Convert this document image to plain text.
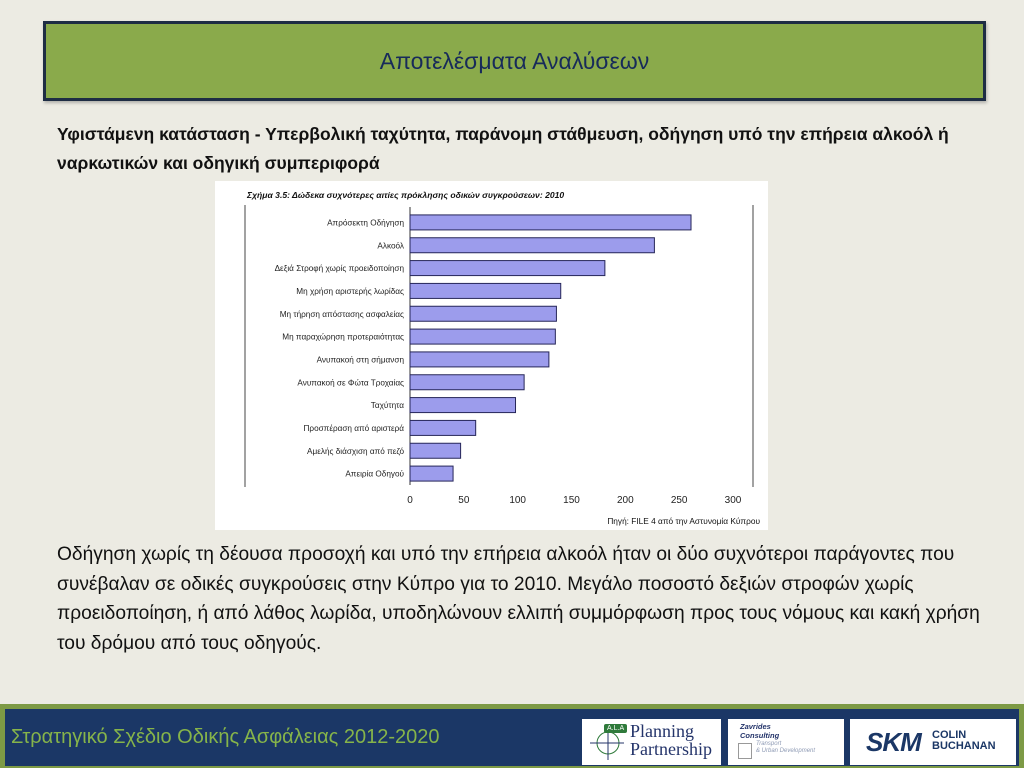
Αποτελέσματα Αναλύσεων
Υφιστάμενη κατάσταση - Υπερβολική ταχύτητα, παράνομη στάθμευση, οδήγηση υπό την επήρεια αλκοόλ ή ναρκωτικών και οδηγική συμπεριφορά
Σχήμα 3.5: Δώδεκα συχνότερες αιτίες πρόκλησης οδικών συγκρούσεων: 2010
Πηγή: FILE 4 από την Αστυνομία Κύπρου
Απρόσεκτη Οδήγηση
Αλκοόλ
Δεξιά Στροφή χωρίς προειδοποίηση
Μη χρήση αριστερής λωρίδας
Μη τήρηση απόστασης ασφαλείας
Μη παραχώρηση προτεραιότητας
Ανυπακοή στη σήμανση
Ανυπακοή σε Φώτα Τροχαίας
Ταχύτητα
Προσπέραση από αριστερά
Αμελής διάσχιση από πεζό
Απειρία Οδηγού
0	50	100	150	200	250	300
Οδήγηση χωρίς τη δέουσα προσοχή και υπό την επήρεια αλκοόλ ήταν οι δύο συχνότεροι παράγοντες που συνέβαλαν σε οδικές συγκρούσεις στην Κύπρο για το 2010. Μεγάλο ποσοστό δεξιών στροφών χωρίς προειδοποίηση, ή από λάθος λωρίδα, υποδηλώνουν ελλιπή συμμόρφωση προς τους νόμους και κακή χρήση του δρόμου από τους οδηγούς.
Στρατηγικό Σχέδιο Οδικής Ασφάλειας 2012-2020	A.L.A Planning
Partnership
Zavrides
Consulting
Transport
& Urban Development SKM COLIN
BUCHANAN
